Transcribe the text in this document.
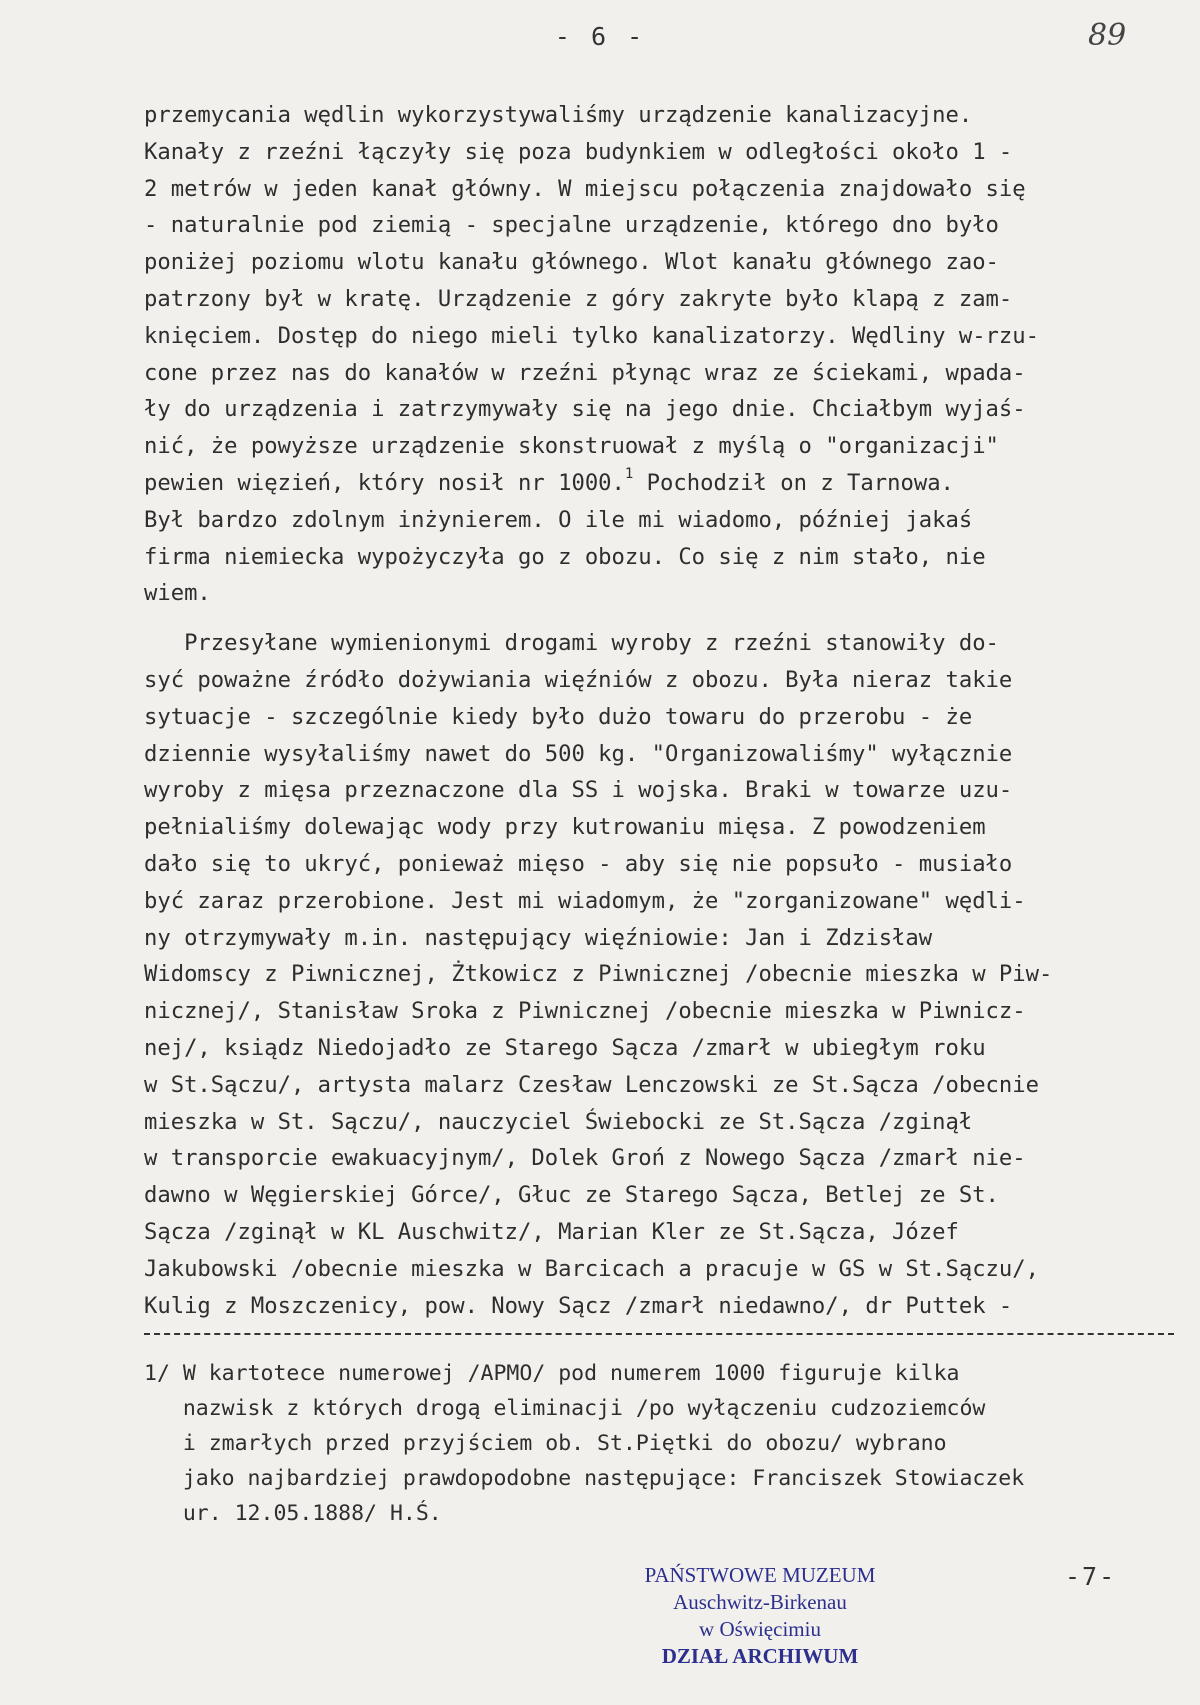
- 6 -	89
przemycania wędlin wykorzystywaliśmy urządzenie kanalizacyjne.
Kanały z rzeźni łączyły się poza budynkiem w odległości około 1 -
2 metrów w jeden kanał główny. W miejscu połączenia znajdowało się
- naturalnie pod ziemią - specjalne urządzenie, którego dno było
poniżej poziomu wlotu kanału głównego. Wlot kanału głównego zao-
patrzony był w kratę. Urządzenie z góry zakryte było klapą z zam-
knięciem. Dostęp do niego mieli tylko kanalizatorzy. Wędliny w-rzu-
cone przez nas do kanałów w rzeźni płynąc wraz ze ściekami, wpada-
ły do urządzenia i zatrzymywały się na jego dnie. Chciałbym wyjaś-
nić, że powyższe urządzenie skonstruował z myślą o "organizacji"
pewien więzień, który nosił nr 1000.$^1$ Pochodził on z Tarnowa.
Był bardzo zdolnym inżynierem. O ile mi wiadomo, później jakaś
firma niemiecka wypożyczyła go z obozu. Co się z nim stało, nie
wiem.
Przesyłane wymienionymi drogami wyroby z rzeźni stanowiły do-
syć poważne źródło dożywiania więźniów z obozu. Była nieraz takie
sytuacje - szczególnie kiedy było dużo towaru do przerobu - że
dziennie wysyłaliśmy nawet do 500 kg. "Organizowaliśmy" wyłącznie
wyroby z mięsa przeznaczone dla SS i wojska. Braki w towarze uzu-
pełnialiśmy dolewając wody przy kutrowaniu mięsa. Z powodzeniem
dało się to ukryć, ponieważ mięso - aby się nie popsuło - musiało
być zaraz przerobione. Jest mi wiadomym, że "zorganizowane" wędli-
ny otrzymywały m.in. następujący więźniowie: Jan i Zdzisław
Widomscy z Piwnicznej, Żtkowicz z Piwnicznej /obecnie mieszka w Piw-
nicznej/, Stanisław Sroka z Piwnicznej /obecnie mieszka w Piwnicz-
nej/, ksiądz Niedojadło ze Starego Sącza /zmarł w ubiegłym roku
w St.Sączu/, artysta malarz Czesław Lenczowski ze St.Sącza /obecnie
mieszka w St. Sączu/, nauczyciel Świebocki ze St.Sącza /zginął
w transporcie ewakuacyjnym/, Dolek Groń z Nowego Sącza /zmarł nie-
dawno w Węgierskiej Górce/, Głuc ze Starego Sącza, Betlej ze St.
Sącza /zginął w KL Auschwitz/, Marian Kler ze St.Sącza, Józef
Jakubowski /obecnie mieszka w Barcicach a pracuje w GS w St.Sączu/,
Kulig z Moszczenicy, pow. Nowy Sącz /zmarł niedawno/, dr Puttek -
1/ W kartotece numerowej /APMO/ pod numerem 1000 figuruje kilka
nazwisk z których drogą eliminacji /po wyłączeniu cudzoziemców
i zmarłych przed przyjściem ob. St.Piętki do obozu/ wybrano
jako najbardziej prawdopodobne następujące: Franciszek Stowiaczek
ur. 12.05.1888/ H.Ś.
PAŃSTWOWE MUZEUM
Auschwitz-Birkenau
w Oświęcimiu
DZIAŁ ARCHIWUM
-7-
